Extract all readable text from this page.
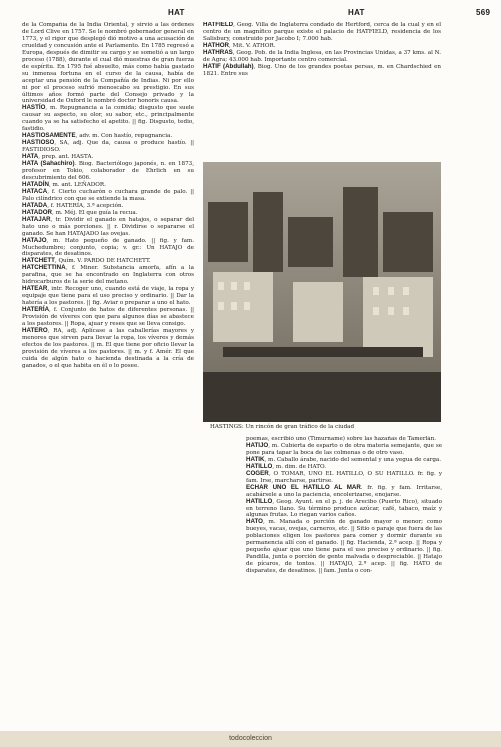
HAT	HAT	569

de la Compañía de la India Oriental, y sirvió a las órdenes de Lord Clive en 1757. Se le nombró gobernador general en 1773, y el rigor que desplegó dió motivo a una acusación de crueldad y concusión ante el Parlamento. En 1785 regresó a Europa, después de dimitir su cargo y se sometió a un largo proceso (1788), durante el cual dió muestras de gran fuerza de espíritu. En 1795 fué absuelto, más como había gastado su inmensa fortuna en el curso de la causa, había de aceptar una pensión de la Compañía de Indias. Ni por ello ni por el proceso sufrió menoscabo su prestigio. En sus últimos años formó parte del Consejo privado y la universidad de Oxford le nombró doctor honoris causa.

HASTÍO, m. Repugnancia a la comida; disgusto que suele causar su aspecto, su olor, su sabor, etc., principalmente cuando ya se ha satisfecho el apetito. || fig. Disgusto, tedio, fastidio.

HASTIOSAMENTE, adv. m. Con hastío, repugnancia.

HASTIOSO, SA, adj. Que da, causa o produce hastío. || FASTIDIOSO.

HATA, prep. ant. HASTA.

HATA (Sahachiro). Biog. Bacteriólogo japonés, n. en 1873, profesor en Tokio, colaborador de Ehrlich en su descubrimiento del 606.

HATADÍN, m. ant. LEÑADOR.

HATACA, f. Cierto cucharón o cuchara grande de palo. || Palo cilíndrico con que se extiende la masa.

HATADA, f. HATERÍA, 3.ª acepción.

HATADOR, m. Méj. El que guía la recua.

HATAJAR, tr. Dividir el ganado en hatajos, o separar del hato uno o más porciones. || r. Dividirse o separarse el ganado. Se han HATAJADO las ovejas.

HATAJO, m. Hato pequeño de ganado. || fig. y fam. Muchedumbre; conjunto, copia; v. gr.: Un HATAJO de disparates, de desatinos.

HATCHETT, Quím. V. PARDO DE HATCHETT.

HATCHETTINA, f. Miner. Substancia amorfa, afín a la parafina, que se ha encontrado en Inglaterra con otros hidrocarburos de la serie del metano.

HATEAR, intr. Recoger uno, cuando está de viaje, la ropa y equipaje que tiene para el uso preciso y ordinario. || Dar la hatería a los pastores. || fig. Aviar o preparar a uno el hato.

HATERÍA, f. Conjunto de hatos de diferentes personas. || Provisión de víveres con que para algunos días se abastece a los pastores. || Ropa, ajuar y reses que se lleva consigo.

HATERO, RA, adj. Aplícase a las caballerías mayores y menores que sirven para llevar la ropa, los víveres y demás efectos de los pastores. || m. El que tiene por oficio llevar la provisión de víveres a los pastores. || m. y f. Amér. El que cuida de algún hato o hacienda destinada a la cría de ganados, o el que habita en él o lo posee.

HATFIELD, Geog. Villa de Inglaterra condado de Hertford, cerca de la cual y en el centro de un magnífico parque existe el palacio de HATFIELD, residencia de los Salisbury, construido por Jacobo I; 7.000 hab.

HATHOR, Mit. V. ATHOR.

HATHRAS, Geog. Pob. de la India Inglesa, en las Provincias Unidas, a 37 kms. al N. de Agra; 43.000 hab. Importante centro comercial.

HATIF (Abdullah), Biog. Uno de los grandes poetas persas, m. en Chardschied en 1821. Entre sus

HASTINGS: Un rincón de gran tráfico de la ciudad

poemas, escribió uno (Timurname) sobre las hazañas de Tamerlán.

HATIJO, m. Cubierta de esparto o de otra materia semejante, que se pone para tapar la boca de las colmenas o de otro vaso.

HATIK, m. Caballo árabe, nacido del semental y una yegua de carga.

HATILLO, m. dim. de HATO.

COGER, O TOMAR, UNO EL HATILLO, O SU HATILLO. fr. fig. y fam. Irse, marcharse, partirse.

ECHAR UNO EL HATILLO AL MAR. fr. fig. y fam. Irritarse, acabársele a uno la paciencia, encolerizarse, enojarse.

HATILLO, Geog. Ayunt. en el p. j. de Arecibo (Puerto Rico), situado en terreno llano. Su término produce azúcar, café, tabaco, maíz y algunas frutas. Lo riegan varios caños.

HATO, m. Manada o porción de ganado mayor o menor; como bueyes, vacas, ovejas, carneros, etc. || Sitio o paraje que fuera de las poblaciones eligen los pastores para comer y dormir durante su permanencia allí con el ganado. || fig. Hacienda, 2.ª acep. || Ropa y pequeño ajuar que uno tiene para el uso preciso y ordinario. || fig. Pandilla, junta o porción de gente malvada o despreciable. || Hatajo de pícaros, de tontos. || HATAJO, 2.ª acep. || fig. HATO de disparates, de desatinos. || fam. Junta o con-

todocoleccion
